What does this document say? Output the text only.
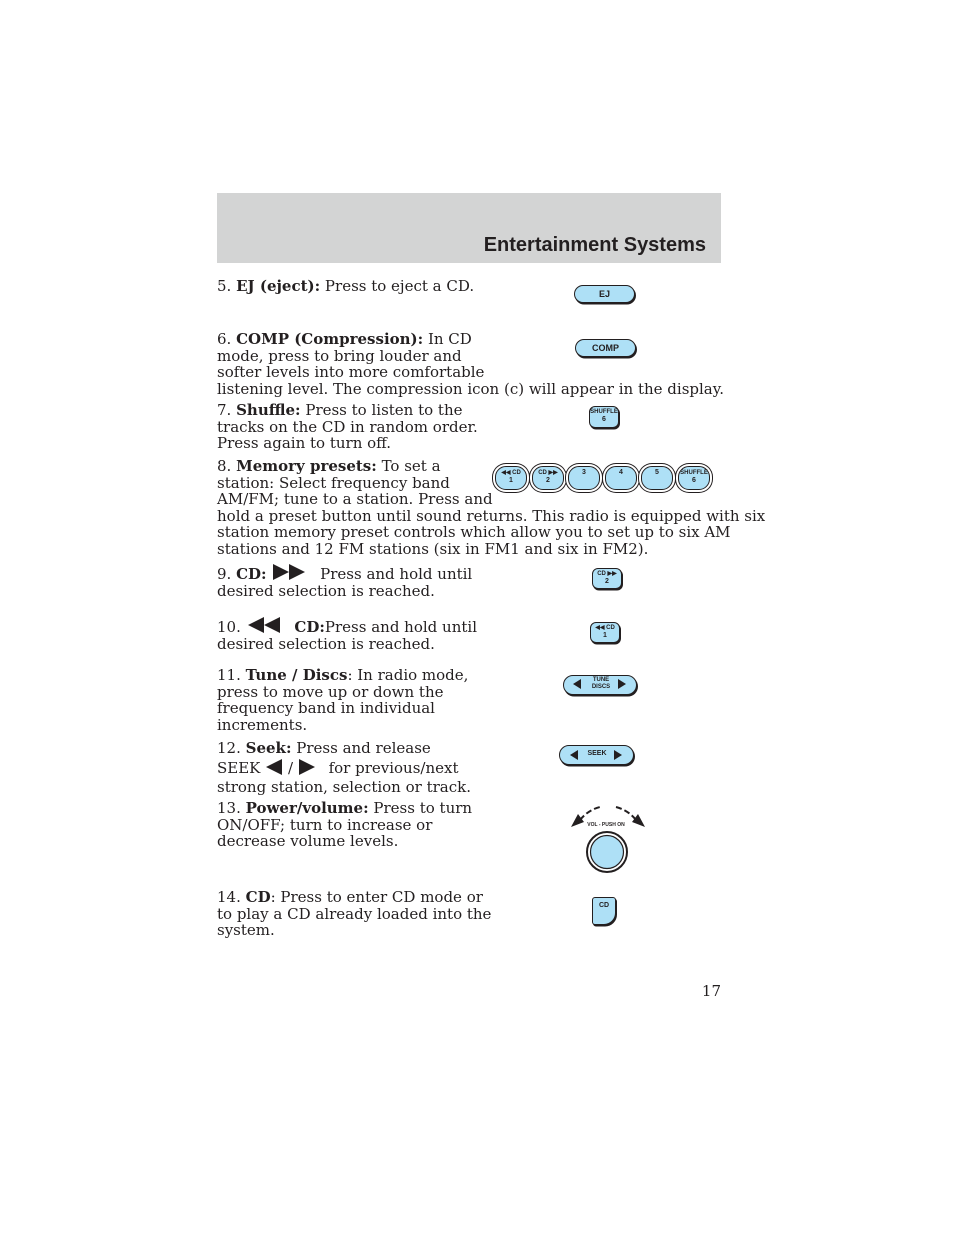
Entertainment Systems
5. EJ (eject): Press to eject a CD.	EJ
6. COMP (Compression): In CD
mode, press to bring louder and
softer levels into more comfortable
listening level. The compression icon (c) will appear in the display.
COMP
7. Shuffle: Press to listen to the
tracks on the CD in random order.
Press again to turn off.
SHUFFLE
6
8. Memory presets: To set a
station: Select frequency band
AM/FM; tune to a station. Press and
hold a preset button until sound returns. This radio is equipped with six
station memory preset controls which allow you to set up to six AM
stations and 12 FM stations (six in FM1 and six in FM2).
◀◀ CD
1
CD ▶▶
2
3	4	5	SHUFFLE
6
9. CD:	Press and hold until
desired selection is reached.
CD ▶▶
2
10.	CD:Press and hold until
desired selection is reached.
◀◀ CD
1
11. Tune / Discs: In radio mode,
press to move up or down the
frequency band in individual
increments.
TUNE
DISCS
12. Seek: Press and release
SEEK / for previous/next
strong station, selection or track.
SEEK
13. Power/volume: Press to turn
ON/OFF; turn to increase or
decrease volume levels.
VOL - PUSH ON
14. CD: Press to enter CD mode or
to play a CD already loaded into the
system.
CD
17
